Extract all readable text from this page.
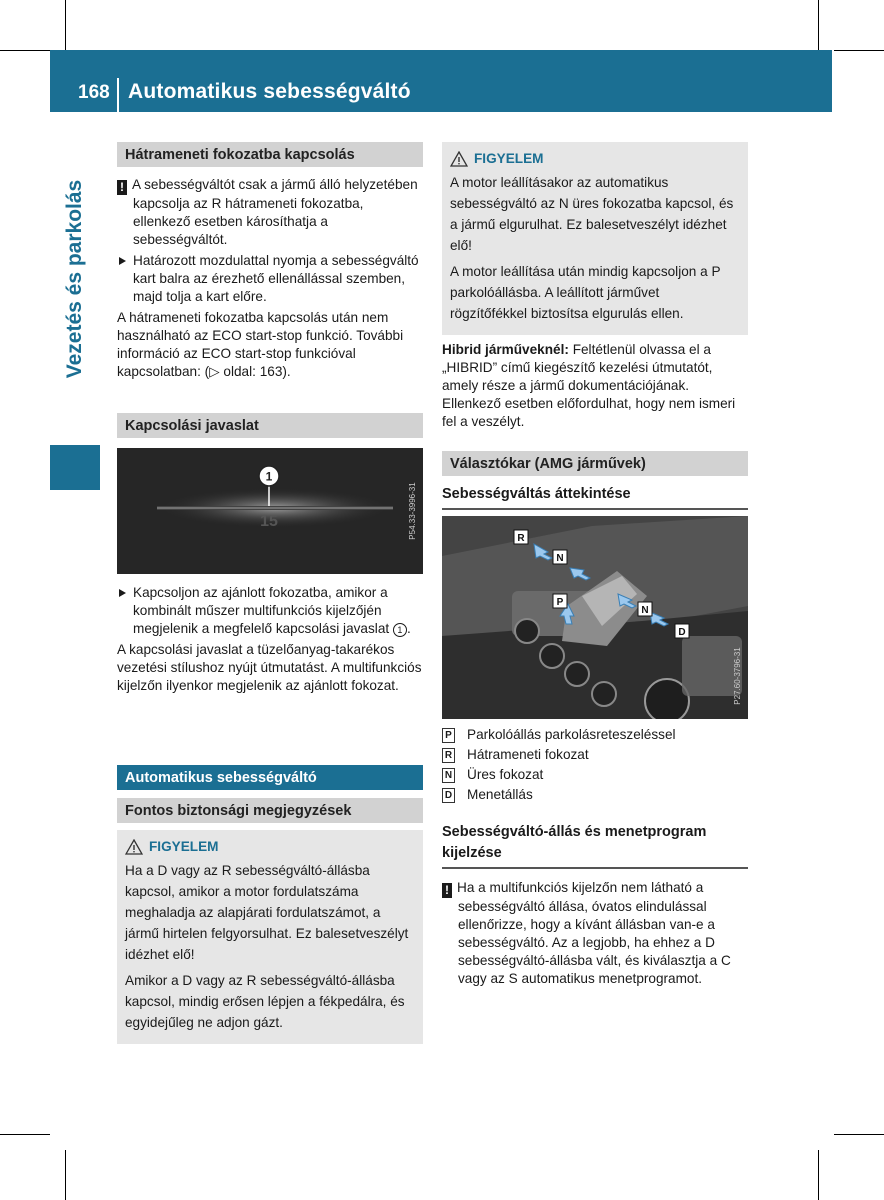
168 Automatikus sebességváltó
Vezetés és parkolás
Hátrameneti fokozatba kapcsolás

! A sebességváltót csak a jármű álló helyzetében kapcsolja az R hátrameneti fokozatba, ellenkező esetben károsíthatja a sebességváltót.

Határozott mozdulattal nyomja a sebességváltó kart balra az érezhető ellenállással szemben, majd tolja a kart előre.

A hátrameneti fokozatba kapcsolás után nem használható az ECO start-stop funkció. További információ az ECO start-stop funkcióval kapcsolatban: (▷ oldal: 163).

Kapcsolási javaslat
1
15	P54.33-3996-31

Kapcsoljon az ajánlott fokozatba, amikor a kombinált műszer multifunkciós kijelzőjén megjelenik a megfelelő kapcsolási javaslat 1 .

A kapcsolási javaslat a tüzelőanyag-takarékos vezetési stílushoz nyújt útmutatást. A multifunkciós kijelzőn ilyenkor megjelenik az ajánlott fokozat.

Automatikus sebességváltó
Fontos biztonsági megjegyzések
FIGYELEM

Ha a D vagy az R sebességváltó-állásba kapcsol, amikor a motor fordulatszáma meghaladja az alapjárati fordulatszámot, a jármű hirtelen felgyorsulhat. Ez balesetveszélyt idézhet elő!

Amikor a D vagy az R sebességváltó-állásba kapcsol, mindig erősen lépjen a fékpedálra, és egyidejűleg ne adjon gázt.

FIGYELEM

A motor leállításakor az automatikus sebességváltó az N üres fokozatba kapcsol, és a jármű elgurulhat. Ez balesetveszélyt idézhet elő!

A motor leállítása után mindig kapcsoljon a P parkolóállásba. A leállított járművet rögzítőfékkel biztosítsa elgurulás ellen.

Hibrid járműveknél: Feltétlenül olvassa el a „HIBRID” című kiegészítő kezelési útmutatót, amely része a jármű dokumentációjának. Ellenkező esetben előfordulhat, hogy nem ismeri fel a veszélyt.

Választókar (AMG járművek)
Sebességváltás áttekintése
R
N
P
N
D
P27.60-3796-31
P Parkolóállás parkolásreteszeléssel
R Hátrameneti fokozat
N Üres fokozat
D Menetállás
Sebességváltó-állás és menetprogram kijelzése

! Ha a multifunkciós kijelzőn nem látható a sebességváltó állása, óvatos elindulással ellenőrizze, hogy a kívánt állásban van-e a sebességváltó. Az a legjobb, ha ehhez a D sebességváltó-állásba vált, és kiválasztja a C vagy az S automatikus menetprogramot.
